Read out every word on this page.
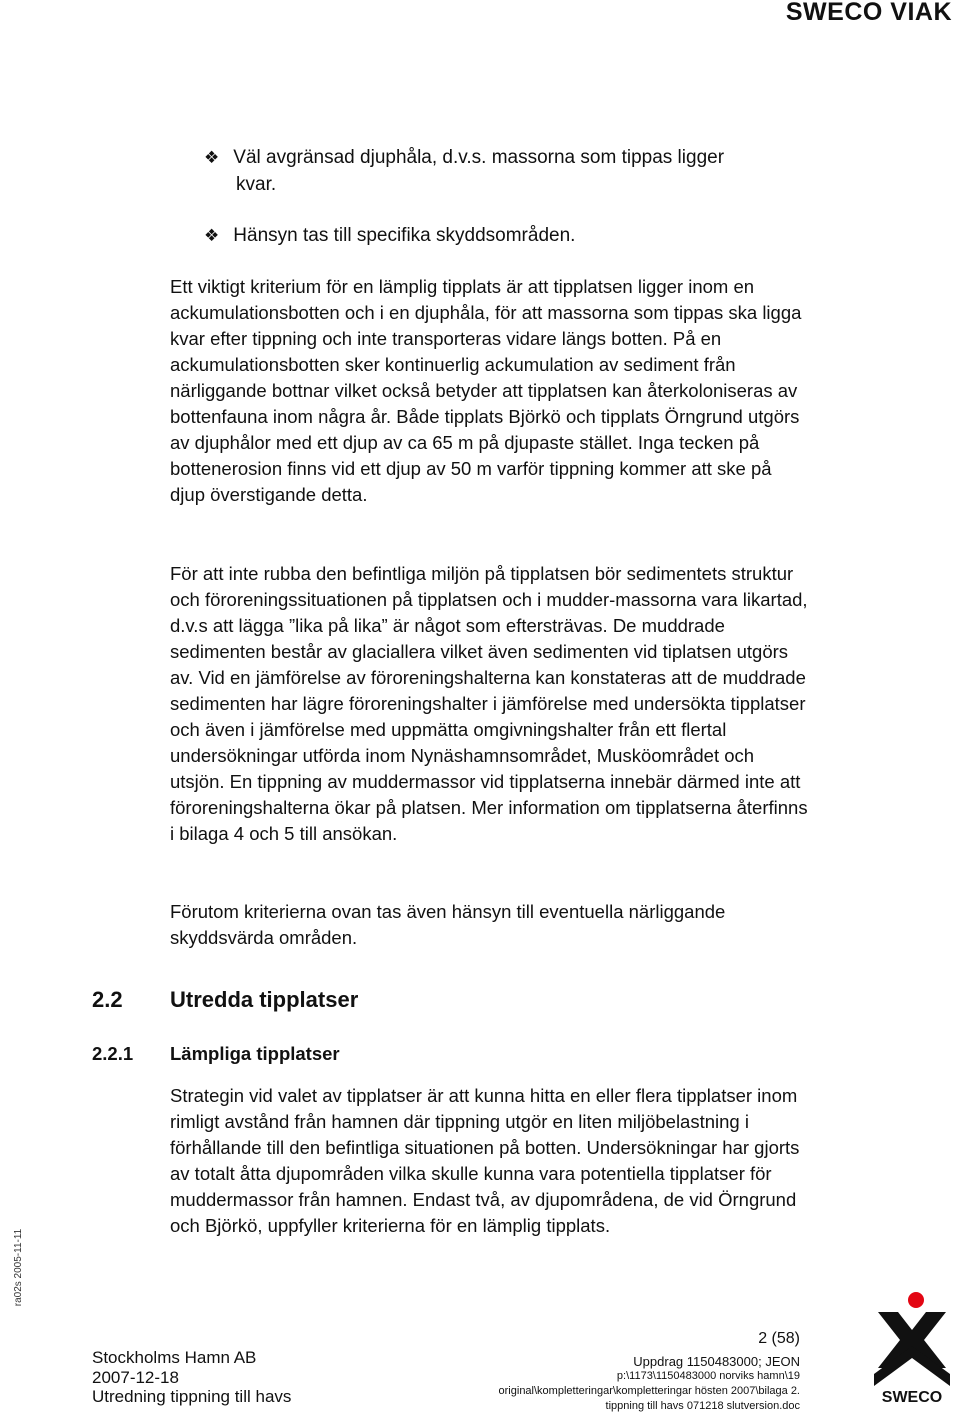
SWECO VIAK
❖ Väl avgränsad djuphåla, d.v.s. massorna som tippas ligger
kvar.
❖ Hänsyn tas till specifika skyddsområden.

Ett viktigt kriterium för en lämplig tipplats är att tipplatsen ligger inom en ackumulationsbotten och i en djuphåla, för att massorna som tippas ska ligga kvar efter tippning och inte transporteras vidare längs botten. På en ackumulationsbotten sker kontinuerlig ackumulation av sediment från närliggande bottnar vilket också betyder att tipplatsen kan återkoloniseras av bottenfauna inom några år. Både tipplats Björkö och tipplats Örngrund utgörs av djuphålor med ett djup av ca 65 m på djupaste stället. Inga tecken på bottenerosion finns vid ett djup av 50 m varför tippning kommer att ske på djup överstigande detta.

För att inte rubba den befintliga miljön på tipplatsen bör sedimentets struktur och föroreningssituationen på tipplatsen och i mudder-massorna vara likartad, d.v.s att lägga ”lika på lika” är något som eftersträvas. De muddrade sedimenten består av glaciallera vilket även sedimenten vid tiplatsen utgörs av. Vid en jämförelse av föroreningshalterna kan konstateras att de muddrade sedimenten har lägre föroreningshalter i jämförelse med undersökta tipplatser och även i jämförelse med uppmätta omgivningshalter från ett flertal undersökningar utförda inom Nynäshamnsområdet, Musköområdet och utsjön. En tippning av muddermassor vid tipplatserna innebär därmed inte att föroreningshalterna ökar på platsen. Mer information om tipplatserna återfinns i bilaga 4 och 5 till ansökan.

Förutom kriterierna ovan tas även hänsyn till eventuella närliggande skyddsvärda områden.

2.2 Utredda tipplatser
2.2.1 Lämpliga tipplatser

Strategin vid valet av tipplatser är att kunna hitta en eller flera tipplatser inom rimligt avstånd från hamnen där tippning utgör en liten miljöbelastning i förhållande till den befintliga situationen på botten. Undersökningar har gjorts av totalt åtta djupområden vilka skulle kunna vara potentiella tipplatser för muddermassor från hamnen. Endast två, av djupområdena, de vid Örngrund och Björkö, uppfyller kriterierna för en lämplig tipplats.

ra02s 2005-11-11
2 (58)
Stockholms Hamn AB
2007-12-18
Utredning tippning till havs
Uppdrag 1150483000; JEON
p:\1173\1150483000 norviks hamn\19
original\kompletteringar\kompletteringar hösten 2007\bilaga 2.
tippning till havs 071218 slutversion.doc	SWECO
